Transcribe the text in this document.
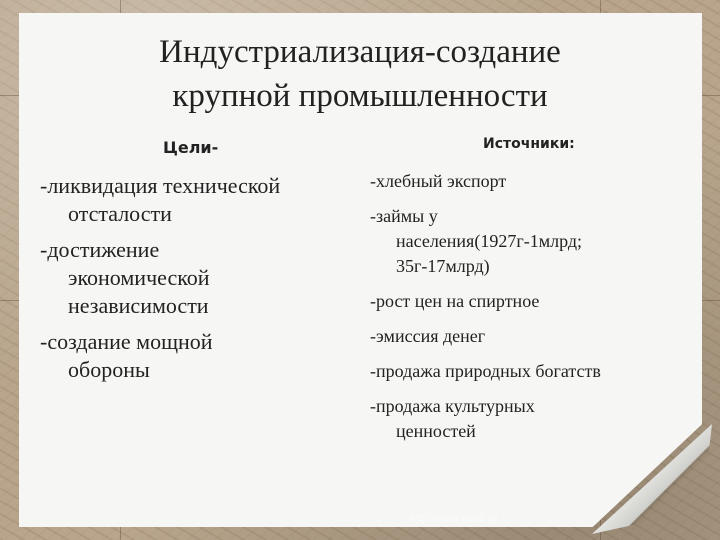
Индустриализация-создание
крупной промышленности
Цели-	Источники:
-ликвидация технической
отсталости
-достижение
экономической
независимости
-создание мощной
обороны
-хлебный экспорт
-займы у
населения(1927г-1млрд;
35г-17млрд)
-рост цен на спиртное
-эмиссия денег
-продажа природных богатств
-продажа культурных
ценностей
http://aida.ucoz.ru
